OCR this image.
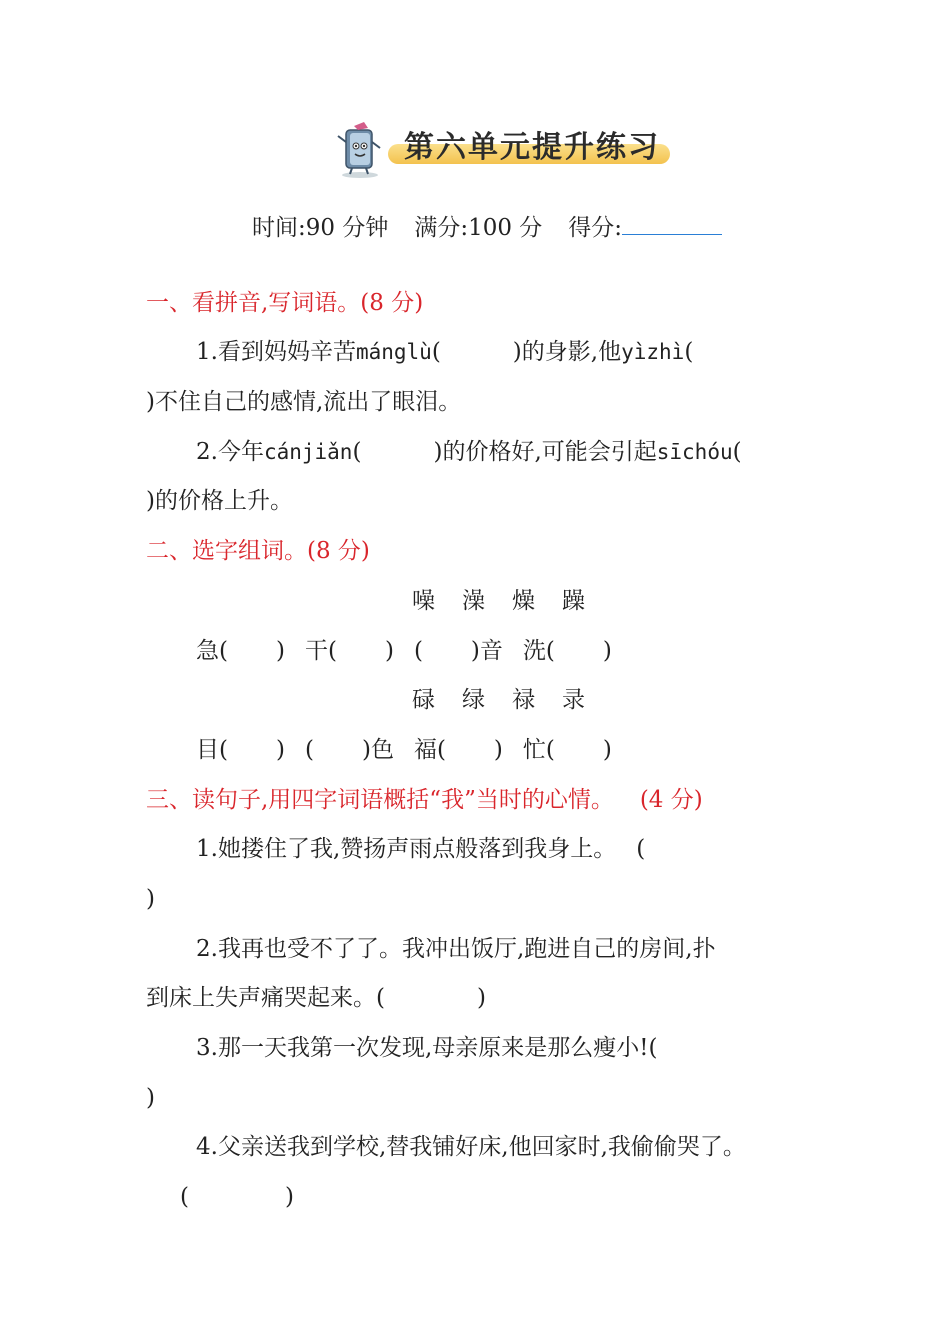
第六单元提升练习
时间:90 分钟 满分:100 分 得分:
一、看拼音,写词语。(8 分)
1.看到妈妈辛苦mánglù(	)的身影,他yìzhì(
)不住自己的感情,流出了眼泪。
2.今年cánjiǎn(	)的价格好,可能会引起sīchóu(
)的价格上升。
二、选字组词。(8 分)
噪 澡 燥 躁
急( ) 干( ) ( )音 洗( )
碌 绿 禄 录
目( ) ( )色 福( ) 忙( )
三、读句子,用四字词语概括“我”当时的心情。 (4 分)
1.她搂住了我,赞扬声雨点般落到我身上。 (
)
2.我再也受不了了。我冲出饭厅,跑进自己的房间,扑
到床上失声痛哭起来。(	)
3.那一天我第一次发现,母亲原来是那么瘦小!(
)
4.父亲送我到学校,替我铺好床,他回家时,我偷偷哭了。
(	)
